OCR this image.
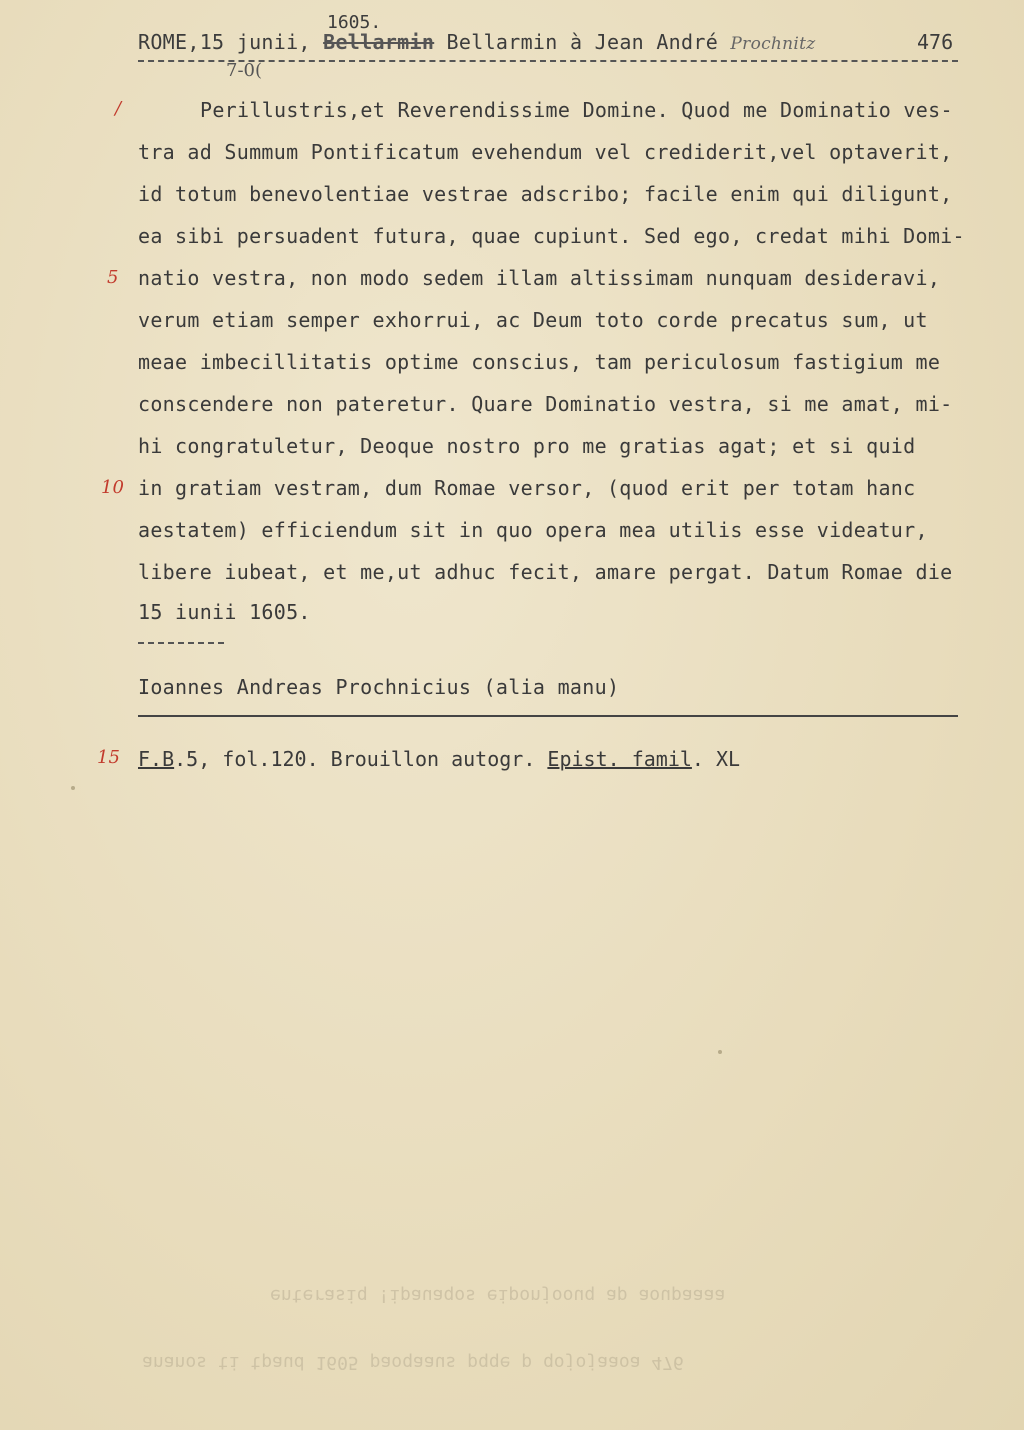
1605.
ROME,15 junii, Bellarmin Bellarmin à Jean André Prochnitz	476
7-0(
/
5
10
15
Perillustris,et Reverendissime Domine. Quod me Dominatio ves-
tra ad Summum Pontificatum evehendum vel crediderit,vel optaverit,
id totum benevolentiae vestrae adscribo; facile enim qui diligunt,
ea sibi persuadent futura, quae cupiunt. Sed ego, credat mihi Domi-
natio vestra, non modo sedem illam altissimam nunquam desideravi,
verum etiam semper exhorrui, ac Deum toto corde precatus sum, ut
meae imbecillitatis optime conscius, tam periculosum fastigium me
conscendere non pateretur. Quare Dominatio vestra, si me amat, mi-
hi congratuletur, Deoque nostro pro me gratias agat; et si quid
in gratiam vestram, dum Romae versor, (quod erit per totam hanc
aestatem) efficiendum sit in quo opera mea utilis esse videatur,
libere iubeat, et me,ut adhuc fecit, amare pergat. Datum Romae die
15 iunii 1605.
Ioannes Andreas Prochnicius (alia manu)
F.B.5, fol.120. Brouillon autogr. Epist. famil. XL
enterasiq !ipauaqos eiponjoouq ap aoupaaaa
ananos ti tpaud 1605 paoqaaus pqqe p qojojaaoa 476
